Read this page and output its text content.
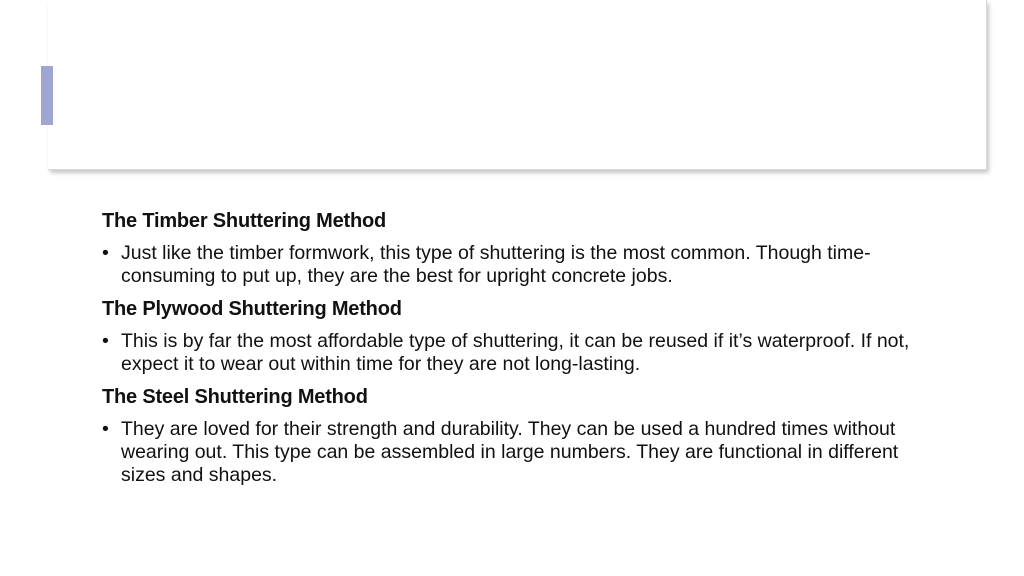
The Timber Shuttering Method
• Just like the timber formwork, this type of shuttering is the most common. Though time-consuming to put up, they are the best for upright concrete jobs.
The Plywood Shuttering Method
• This is by far the most affordable type of shuttering, it can be reused if it’s waterproof. If not, expect it to wear out within time for they are not long-lasting.
The Steel Shuttering Method
• They are loved for their strength and durability. They can be used a hundred times without wearing out. This type can be assembled in large numbers. They are functional in different sizes and shapes.
